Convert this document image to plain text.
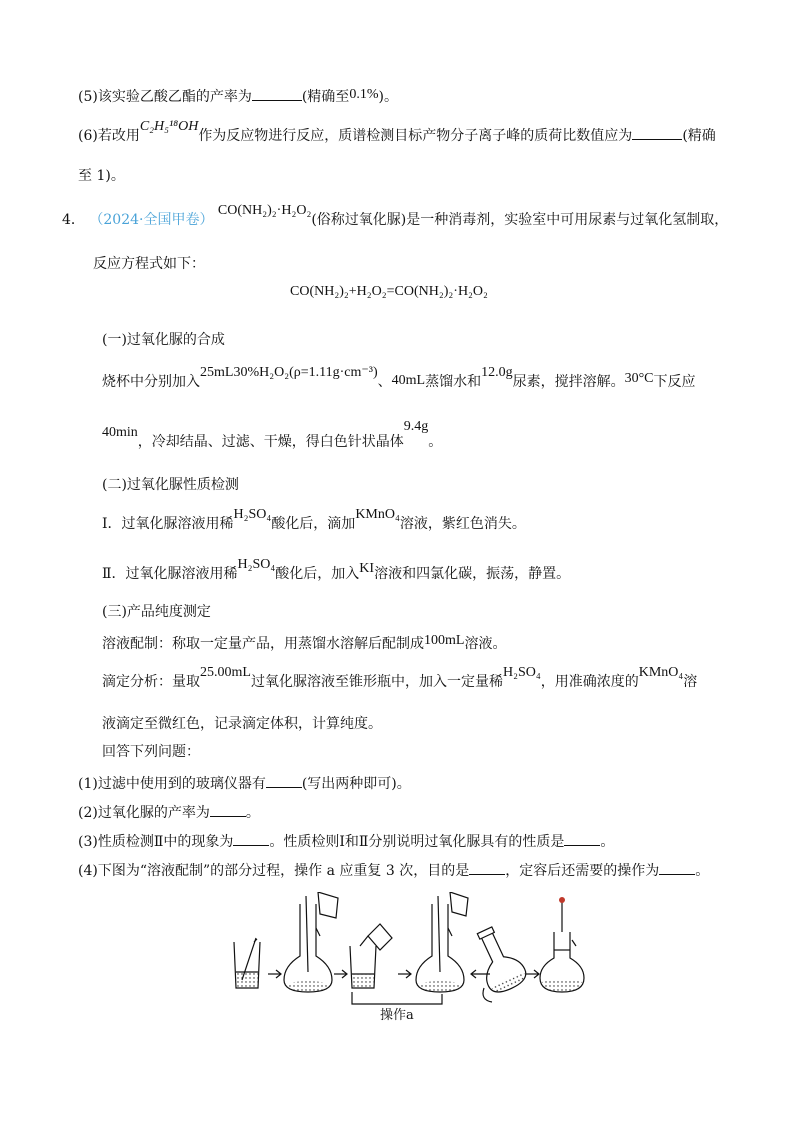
(5)该实验乙酸乙酯的产率为	(精确至0.1%)。
(6)若改用C₂H₅¹⁸OH作为反应物进行反应，质谱检测目标产物分子离子峰的质荷比数值应为	(精确
至 1)。
4． （2024·全国甲卷） CO(NH₂)₂·H₂O₂(俗称过氧化脲)是一种消毒剂，实验室中可用尿素与过氧化氢制取，
反应方程式如下：
CO(NH₂)₂+H₂O₂=CO(NH₂)₂·H₂O₂
(一)过氧化脲的合成
烧杯中分别加入25mL30%H₂O₂(ρ=1.11g·cm⁻³)、40mL蒸馏水和12.0g尿素，搅拌溶解。30°C下反应
40min，冷却结晶、过滤、干燥，得白色针状晶体9.4g。
(二)过氧化脲性质检测
I．过氧化脲溶液用稀H₂SO₄酸化后，滴加KMnO₄溶液，紫红色消失。
Ⅱ．过氧化脲溶液用稀H₂SO₄酸化后，加入KI溶液和四氯化碳，振荡，静置。
(三)产品纯度测定
溶液配制：称取一定量产品，用蒸馏水溶解后配制成100mL溶液。
滴定分析：量取25.00mL过氧化脲溶液至锥形瓶中，加入一定量稀H₂SO₄，用准确浓度的KMnO₄溶
液滴定至微红色，记录滴定体积，计算纯度。
回答下列问题：
(1)过滤中使用到的玻璃仪器有	(写出两种即可)。
(2)过氧化脲的产率为	。
(3)性质检测Ⅱ中的现象为	。性质检则Ⅰ和Ⅱ分别说明过氧化脲具有的性质是	。
(4)下图为“溶液配制”的部分过程，操作 a 应重复 3 次，目的是	，定容后还需要的操作为	。
操作a
